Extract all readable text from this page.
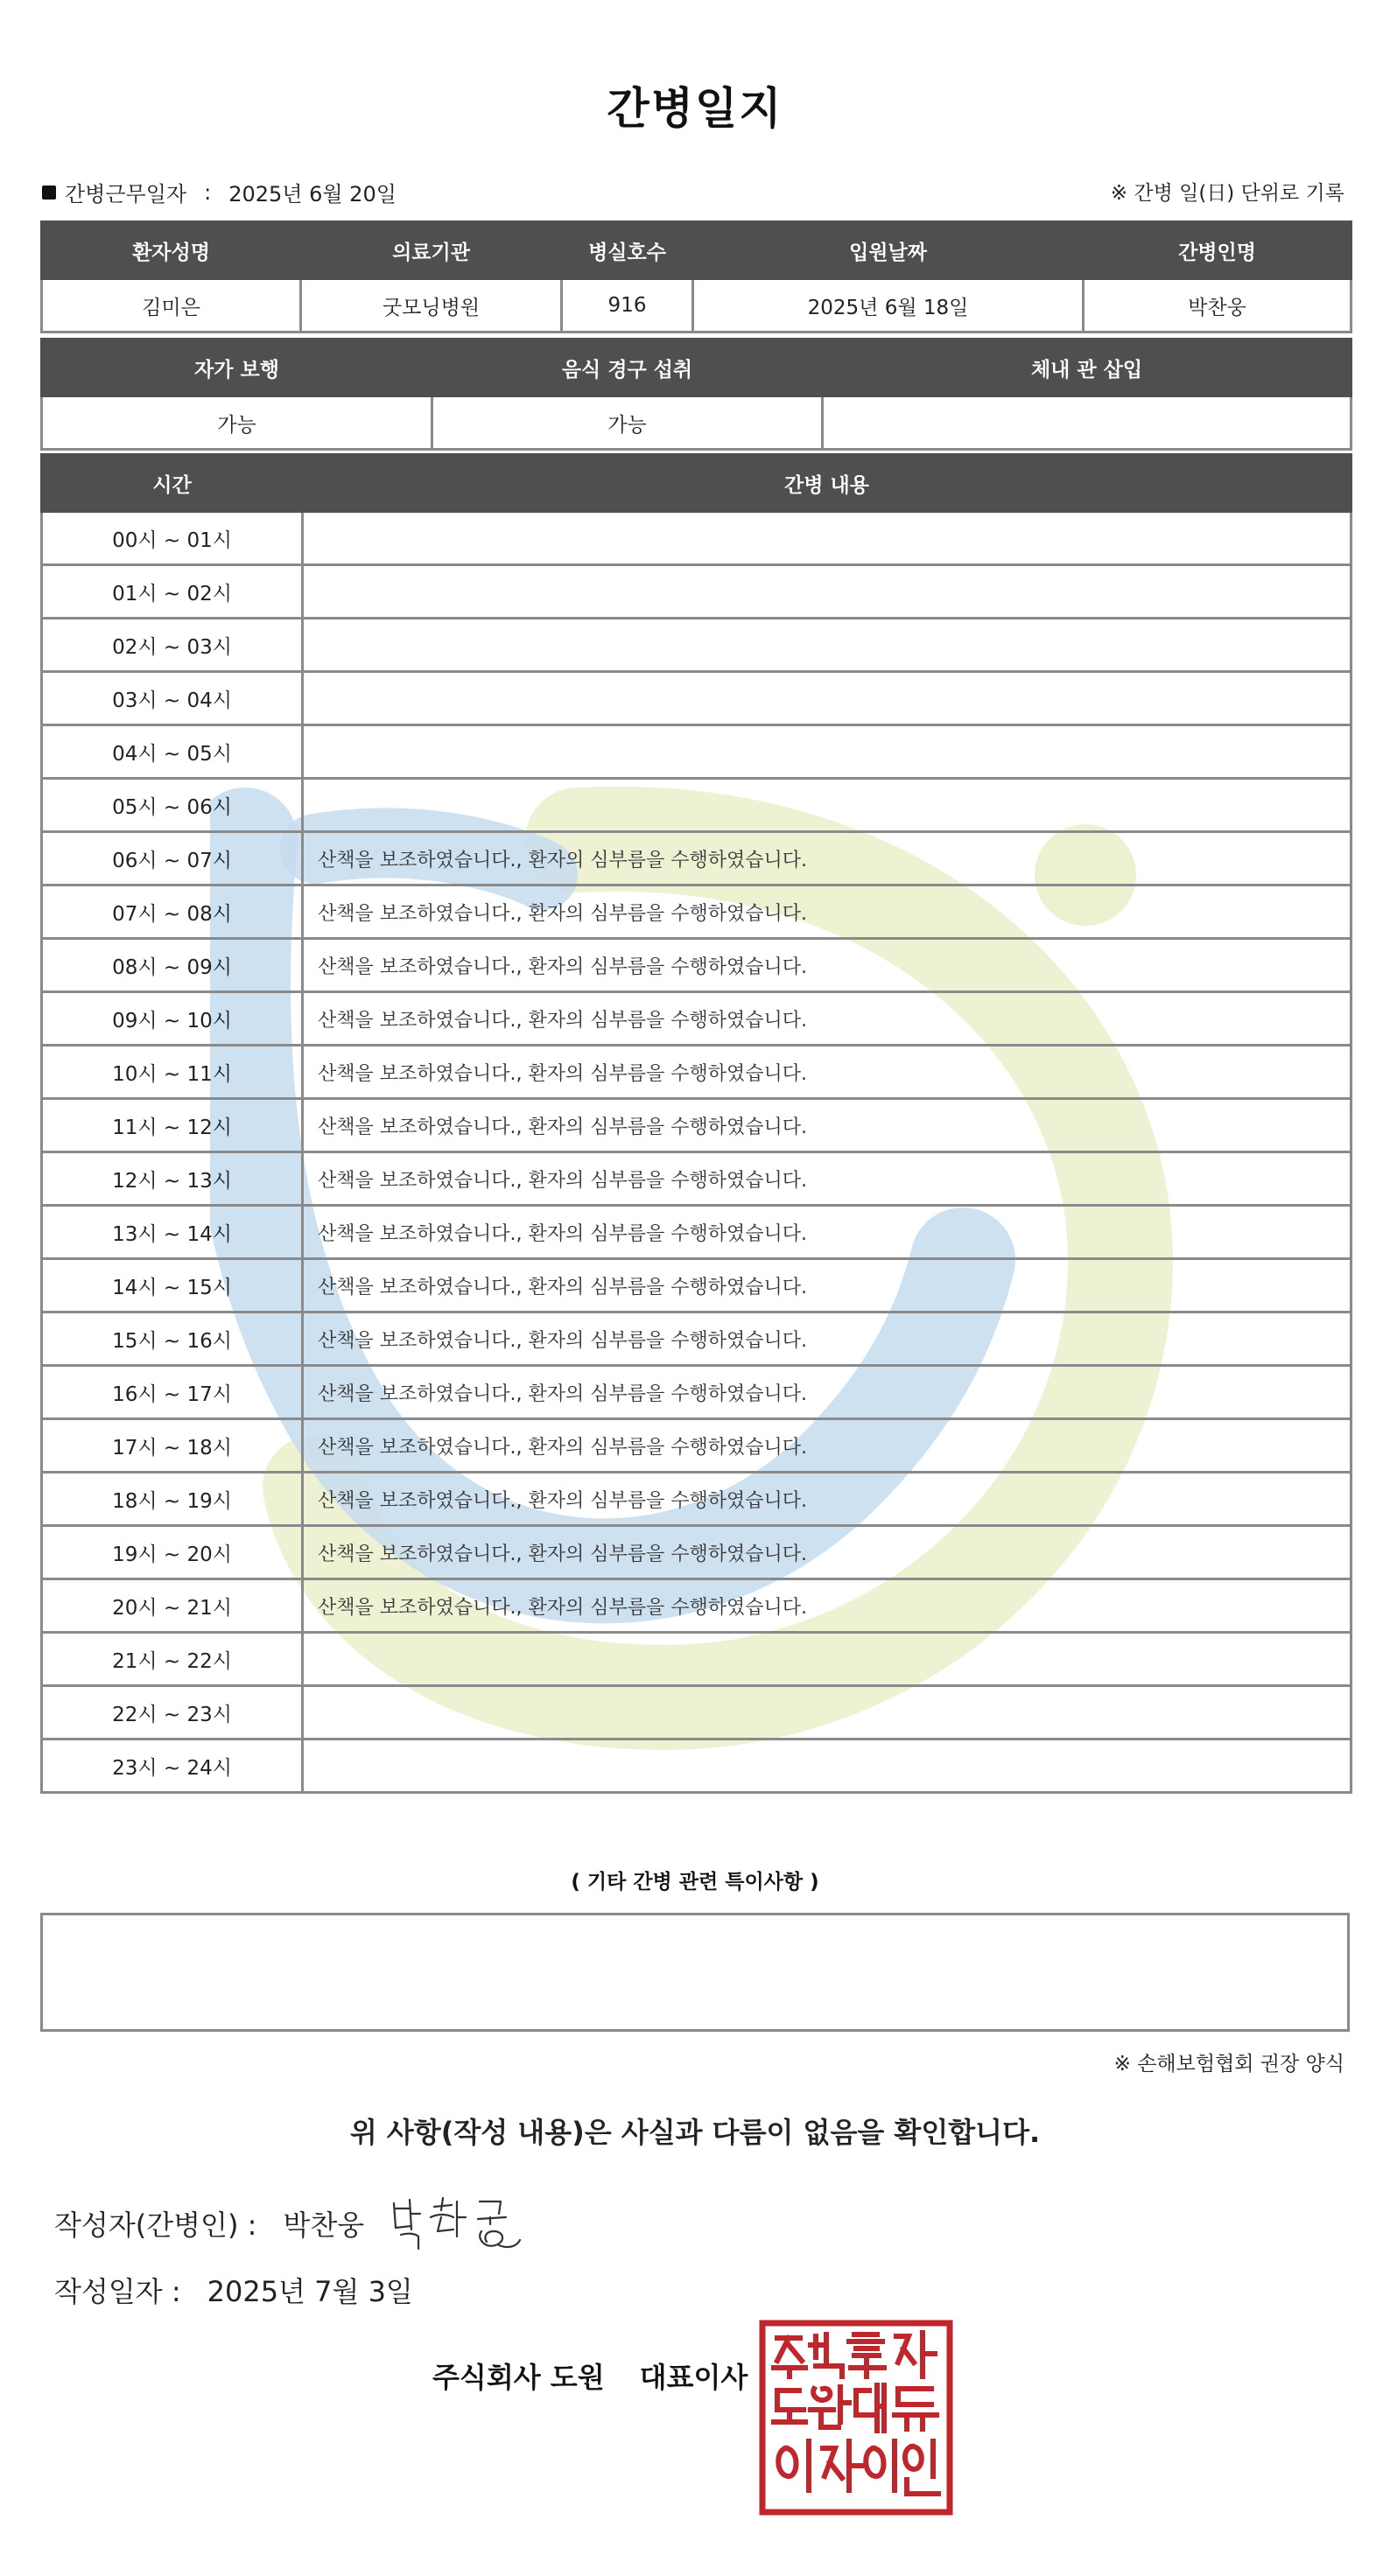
간병일지
간병근무일자 : 2025년 6월 20일	※ 간병 일(日) 단위로 기록
환자성명	의료기관	병실호수	입원날짜	간병인명
김미은	굿모닝병원	916	2025년 6월 18일	박찬웅
자가 보행	음식 경구 섭취	체내 관 삽입
가능	가능	
시간	간병 내용
00시 ~ 01시	
01시 ~ 02시	
02시 ~ 03시	
03시 ~ 04시	
04시 ~ 05시	
05시 ~ 06시	
06시 ~ 07시	산책을 보조하였습니다., 환자의 심부름을 수행하였습니다.
07시 ~ 08시	산책을 보조하였습니다., 환자의 심부름을 수행하였습니다.
08시 ~ 09시	산책을 보조하였습니다., 환자의 심부름을 수행하였습니다.
09시 ~ 10시	산책을 보조하였습니다., 환자의 심부름을 수행하였습니다.
10시 ~ 11시	산책을 보조하였습니다., 환자의 심부름을 수행하였습니다.
11시 ~ 12시	산책을 보조하였습니다., 환자의 심부름을 수행하였습니다.
12시 ~ 13시	산책을 보조하였습니다., 환자의 심부름을 수행하였습니다.
13시 ~ 14시	산책을 보조하였습니다., 환자의 심부름을 수행하였습니다.
14시 ~ 15시	산책을 보조하였습니다., 환자의 심부름을 수행하였습니다.
15시 ~ 16시	산책을 보조하였습니다., 환자의 심부름을 수행하였습니다.
16시 ~ 17시	산책을 보조하였습니다., 환자의 심부름을 수행하였습니다.
17시 ~ 18시	산책을 보조하였습니다., 환자의 심부름을 수행하였습니다.
18시 ~ 19시	산책을 보조하였습니다., 환자의 심부름을 수행하였습니다.
19시 ~ 20시	산책을 보조하였습니다., 환자의 심부름을 수행하였습니다.
20시 ~ 21시	산책을 보조하였습니다., 환자의 심부름을 수행하였습니다.
21시 ~ 22시	
22시 ~ 23시	
23시 ~ 24시	
( 기타 간병 관련 특이사항 )
※ 손해보험협회 권장 양식
위 사항(작성 내용)은 사실과 다름이 없음을 확인합니다.
작성자(간병인) : 박찬웅
작성일자 : 2025년 7월 3일
주식회사 도원 대표이사
